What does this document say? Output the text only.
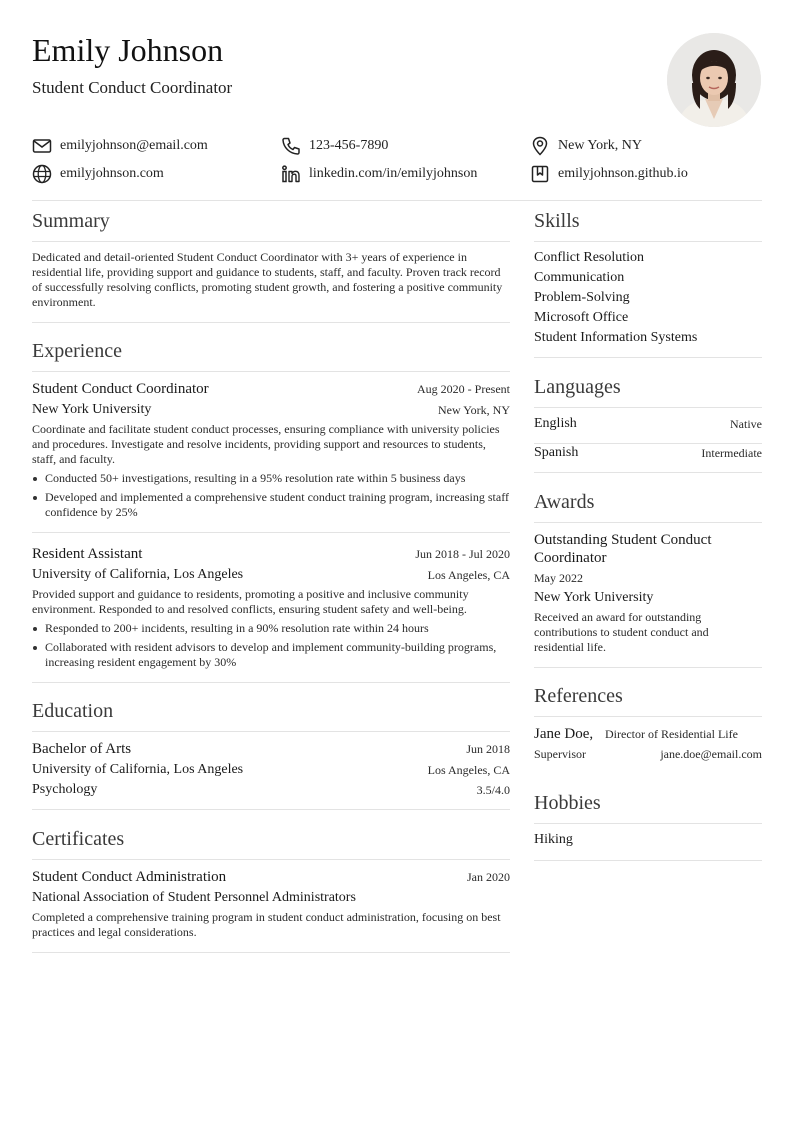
Emily Johnson
Student Conduct Coordinator
emilyjohnson@email.com	123-456-7890	New York, NY
emilyjohnson.com	linkedin.com/in/emilyjohnson	emilyjohnson.github.io
Summary
Dedicated and detail-oriented Student Conduct Coordinator with 3+ years of experience in residential life, providing support and guidance to students, staff, and faculty. Proven track record of successfully resolving conflicts, promoting student growth, and fostering a positive community environment.
Experience
Student Conduct Coordinator	Aug 2020 - Present
New York University	New York, NY
Coordinate and facilitate student conduct processes, ensuring compliance with university policies and procedures. Investigate and resolve incidents, providing support and resources to students, staff, and faculty.
Conducted 50+ investigations, resulting in a 95% resolution rate within 5 business days
Developed and implemented a comprehensive student conduct training program, increasing staff confidence by 25%
Resident Assistant	Jun 2018 - Jul 2020
University of California, Los Angeles	Los Angeles, CA
Provided support and guidance to residents, promoting a positive and inclusive community environment. Responded to and resolved conflicts, ensuring student safety and well-being.
Responded to 200+ incidents, resulting in a 90% resolution rate within 24 hours
Collaborated with resident advisors to develop and implement community-building programs, increasing resident engagement by 30%
Education
Bachelor of Arts	Jun 2018
University of California, Los Angeles	Los Angeles, CA
Psychology	3.5/4.0
Certificates
Student Conduct Administration	Jan 2020
National Association of Student Personnel Administrators
Completed a comprehensive training program in student conduct administration, focusing on best practices and legal considerations.
Skills
Conflict Resolution
Communication
Problem-Solving
Microsoft Office
Student Information Systems
Languages
English	Native
Spanish	Intermediate
Awards
Outstanding Student Conduct Coordinator
May 2022
New York University
Received an award for outstanding contributions to student conduct and residential life.
References
Jane Doe, Director of Residential Life
Supervisor	jane.doe@email.com
Hobbies
Hiking
